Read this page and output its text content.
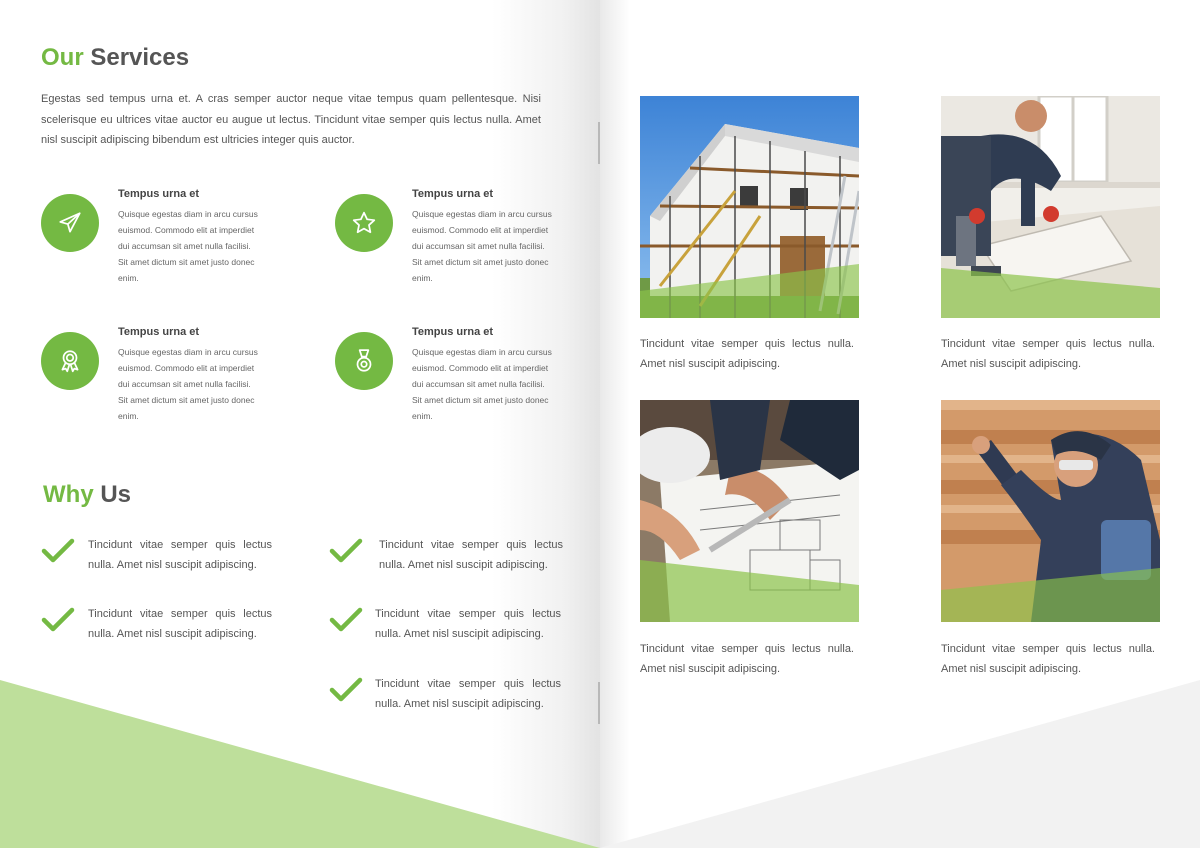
Our Services

Egestas sed tempus urna et. A cras semper auctor neque vitae tempus quam pellentesque. Nisi scelerisque eu ultrices vitae auctor eu augue ut lectus. Tincidunt vitae semper quis lectus nulla. Amet nisl suscipit adipiscing bibendum est ultricies integer quis auctor.

Tempus urna et

Quisque egestas diam in arcu cursus euismod. Commodo elit at imperdiet dui accumsan sit amet nulla facilisi. Sit amet dictum sit amet justo donec enim.

Tempus urna et

Quisque egestas diam in arcu cursus euismod. Commodo elit at imperdiet dui accumsan sit amet nulla facilisi. Sit amet dictum sit amet justo donec enim.

Tempus urna et

Quisque egestas diam in arcu cursus euismod. Commodo elit at imperdiet dui accumsan sit amet nulla facilisi. Sit amet dictum sit amet justo donec enim.

Tempus urna et

Quisque egestas diam in arcu cursus euismod. Commodo elit at imperdiet dui accumsan sit amet nulla facilisi. Sit amet dictum sit amet justo donec enim.

Why Us

Tincidunt vitae semper quis lectus nulla. Amet nisl suscipit adipiscing.

Tincidunt vitae semper quis lectus nulla. Amet nisl suscipit adipiscing.

Tincidunt vitae semper quis lectus nulla. Amet nisl suscipit adipiscing.

Tincidunt vitae semper quis lectus nulla. Amet nisl suscipit adipiscing.

Tincidunt vitae semper quis lectus nulla. Amet nisl suscipit adipiscing.

Tincidunt vitae semper quis lectus nulla. Amet nisl suscipit adipiscing.

Tincidunt vitae semper quis lectus nulla. Amet nisl suscipit adipiscing.

Tincidunt vitae semper quis lectus nulla. Amet nisl suscipit adipiscing.

Tincidunt vitae semper quis lectus nulla. Amet nisl suscipit adipiscing.
